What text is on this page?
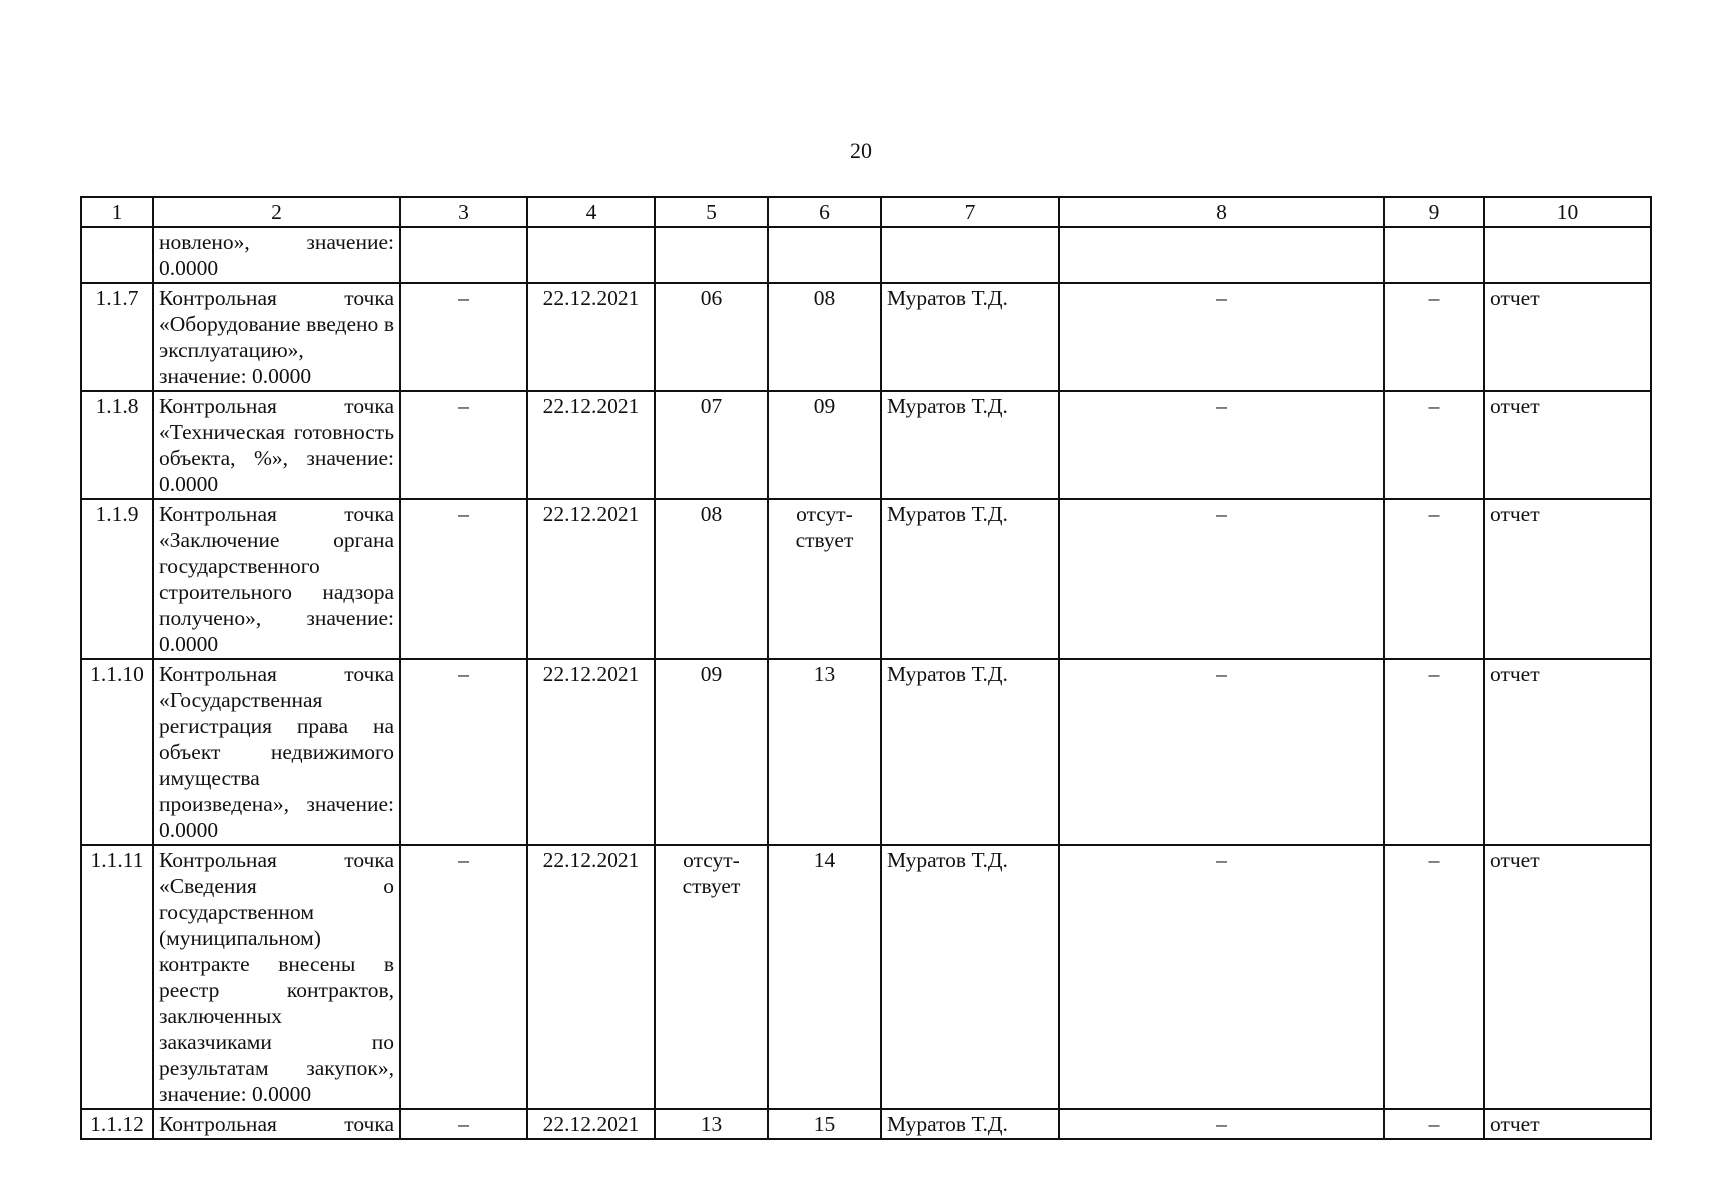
20
1	2	3	4	5	6	7	8	9	10
	новлено», значение: 0.0000								
1.1.7	Контрольная точка «Оборудование введено в эксплуатацию», значение: 0.0000	–	22.12.2021	06	08	Муратов Т.Д.	–	–	отчет
1.1.8	Контрольная точка «Техническая готовность объекта, %», значение: 0.0000	–	22.12.2021	07	09	Муратов Т.Д.	–	–	отчет
1.1.9	Контрольная точка «Заключение органа государственного строительного надзора получено», значение: 0.0000	–	22.12.2021	08	отсут-ствует	Муратов Т.Д.	–	–	отчет
1.1.10	Контрольная точка «Государственная регистрация права на объект недвижимого имущества произведена», значение: 0.0000	–	22.12.2021	09	13	Муратов Т.Д.	–	–	отчет
1.1.11	Контрольная точка «Сведения о государственном (муниципальном) контракте внесены в реестр контрактов, заключенных заказчиками по результатам закупок», значение: 0.0000	–	22.12.2021	отсут-ствует	14	Муратов Т.Д.	–	–	отчет
1.1.12	Контрольная точка	–	22.12.2021	13	15	Муратов Т.Д.	–	–	отчет
